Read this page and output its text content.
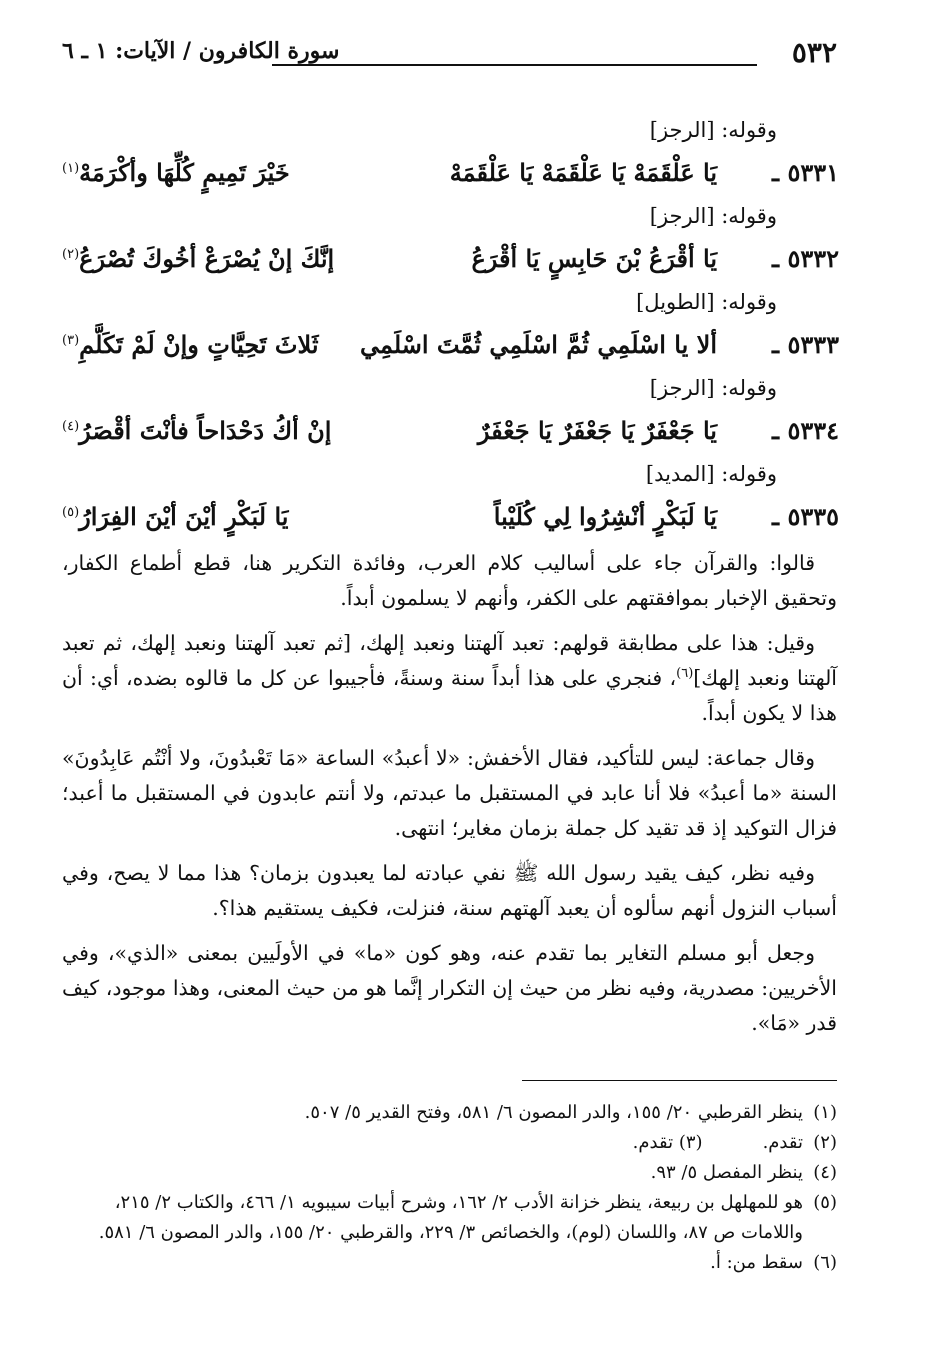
٥٣٢
سورة الكافرون / الآيات: ١ ـ ٦
وقوله: [الرجز]
٥٣٣١ ـ
يَا عَلْقَمَهْ يَا عَلْقَمَهْ يَا عَلْقَمَهْ
خَيْرَ تَمِيمٍ كُلِّهَا وأكْرَمَهْ$^{(١)}$
وقوله: [الرجز]
٥٣٣٢ ـ
يَا أقْرَعُ بْنَ حَابِسٍ يَا أقْرَعُ
إنَّكَ إنْ يُصْرَعْ أخُوكَ تُصْرَعُ$^{(٢)}$
وقوله: [الطويل]
٥٣٣٣ ـ
ألا يا اسْلَمِي ثُمَّ اسْلَمِي ثُمَّتَ اسْلَمِي
ثَلاثَ تَحِيَّاتٍ وإنْ لَمْ تَكَلَّمِ$^{(٣)}$
وقوله: [الرجز]
٥٣٣٤ ـ
يَا جَعْفَرٌ يَا جَعْفَرٌ يَا جَعْفَرٌ
إنْ أكُ دَحْدَاحاً فأنْتَ أقْصَرُ$^{(٤)}$
وقوله: [المديد]
٥٣٣٥ ـ
يَا لَبَكْرٍ أنْشِرُوا لِي كُلَيْباً
يَا لَبَكْرٍ أيْنَ أيْنَ الفِرَارُ$^{(٥)}$

قالوا: والقرآن جاء على أساليب كلام العرب، وفائدة التكرير هنا، قطع أطماع الكفار، وتحقيق الإخبار بموافقتهم على الكفر، وأنهم لا يسلمون أبداً.

وقيل: هذا على مطابقة قولهم: تعبد آلهتنا ونعبد إلهك، [ثم تعبد آلهتنا ونعبد إلهك، ثم تعبد آلهتنا ونعبد إلهك]$^{(٦)}$، فنجري على هذا أبداً سنة وسنةً، فأجيبوا عن كل ما قالوه بضده، أي: أن هذا لا يكون أبداً.

وقال جماعة: ليس للتأكيد، فقال الأخفش: «لا أعبدُ» الساعة «مَا تَعْبدُونَ، ولا أنْتُم عَابِدُونَ» السنة «ما أعبدُ» فلا أنا عابد في المستقبل ما عبدتم، ولا أنتم عابدون في المستقبل ما أعبد؛ فزال التوكيد إذ قد تقيد كل جملة بزمان مغاير؛ انتهى.

وفيه نظر، كيف يقيد رسول الله ﷺ نفي عبادته لما يعبدون بزمان؟ هذا مما لا يصح، وفي أسباب النزول أنهم سألوه أن يعبد آلهتهم سنة، فنزلت، فكيف يستقيم هذا؟.

وجعل أبو مسلم التغاير بما تقدم عنه، وهو كون «ما» في الأولَيين بمعنى «الذي»، وفي الأخريين: مصدرية، وفيه نظر من حيث إن التكرار إنَّما هو من حيث المعنى، وهذا موجود، كيف قدر «مَا».

(١)
ينظر القرطبي ٢٠/ ١٥٥، والدر المصون ٦/ ٥٨١، وفتح القدير ٥/ ٥٠٧.
(٢)
تقدم.(٣) تقدم.
(٤)
ينظر المفصل ٥/ ٩٣.
(٥)
هو للمهلهل بن ربيعة، ينظر خزانة الأدب ٢/ ١٦٢، وشرح أبيات سيبويه ١/ ٤٦٦، والكتاب ٢/ ٢١٥، واللامات ص ٨٧، واللسان (لوم)، والخصائص ٣/ ٢٢٩، والقرطبي ٢٠/ ١٥٥، والدر المصون ٦/ ٥٨١.
(٦)
سقط من: أ.
